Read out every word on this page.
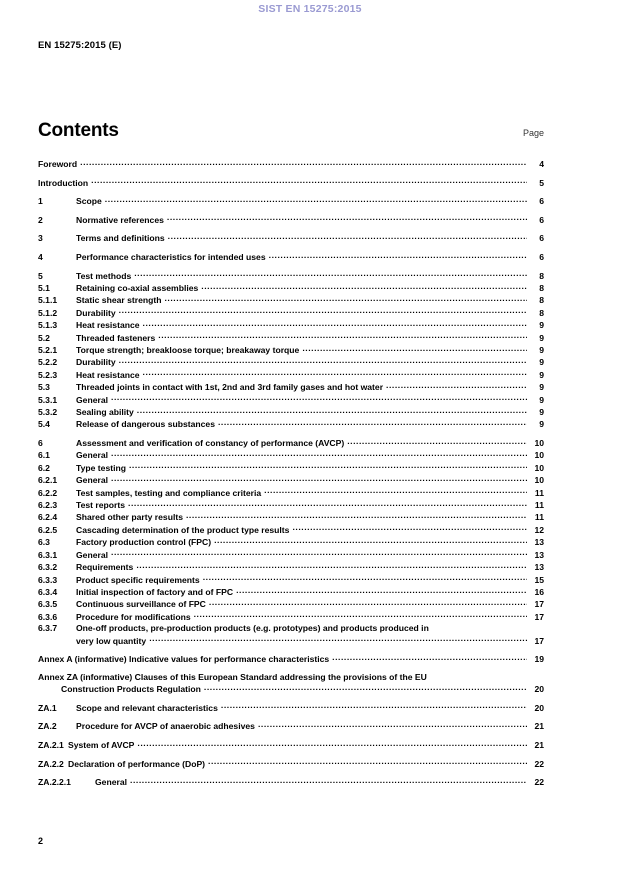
SIST EN 15275:2015
EN 15275:2015 (E)
Contents	Page
Foreword .....	4
Introduction .....	5
1	Scope .....	6
2	Normative references .....	6
3	Terms and definitions .....	6
4	Performance characteristics for intended uses .....	6
5	Test methods .....	8
5.1	Retaining co-axial assemblies .....	8
5.1.1	Static shear strength .....	8
5.1.2	Durability .....	8
5.1.3	Heat resistance .....	9
5.2	Threaded fasteners .....	9
5.2.1	Torque strength; breakloose torque; breakaway torque .....	9
5.2.2	Durability .....	9
5.2.3	Heat resistance .....	9
5.3	Threaded joints in contact with 1st, 2nd and 3rd family gases and hot water .....	9
5.3.1	General .....	9
5.3.2	Sealing ability .....	9
5.4	Release of dangerous substances .....	9
6	Assessment and verification of constancy of performance (AVCP) .....	10
6.1	General .....	10
6.2	Type testing .....	10
6.2.1	General .....	10
6.2.2	Test samples, testing and compliance criteria .....	11
6.2.3	Test reports .....	11
6.2.4	Shared other party results .....	11
6.2.5	Cascading determination of the product type results .....	12
6.3	Factory production control (FPC) .....	13
6.3.1	General .....	13
6.3.2	Requirements .....	13
6.3.3	Product specific requirements .....	15
6.3.4	Initial inspection of factory and of FPC .....	16
6.3.5	Continuous surveillance of FPC .....	17
6.3.6	Procedure for modifications .....	17
6.3.7	One-off products, pre-production products (e.g. prototypes) and products produced in
very low quantity .....	17
Annex A (informative) Indicative values for performance characteristics .....	19
Annex ZA (informative) Clauses of this European Standard addressing the provisions of the EU
Construction Products Regulation .....	20
ZA.1	Scope and relevant characteristics .....	20
ZA.2	Procedure for AVCP of anaerobic adhesives .....	21
ZA.2.1 System of AVCP .....	21
ZA.2.2 Declaration of performance (DoP) .....	22
ZA.2.2.1	General .....	22
2
